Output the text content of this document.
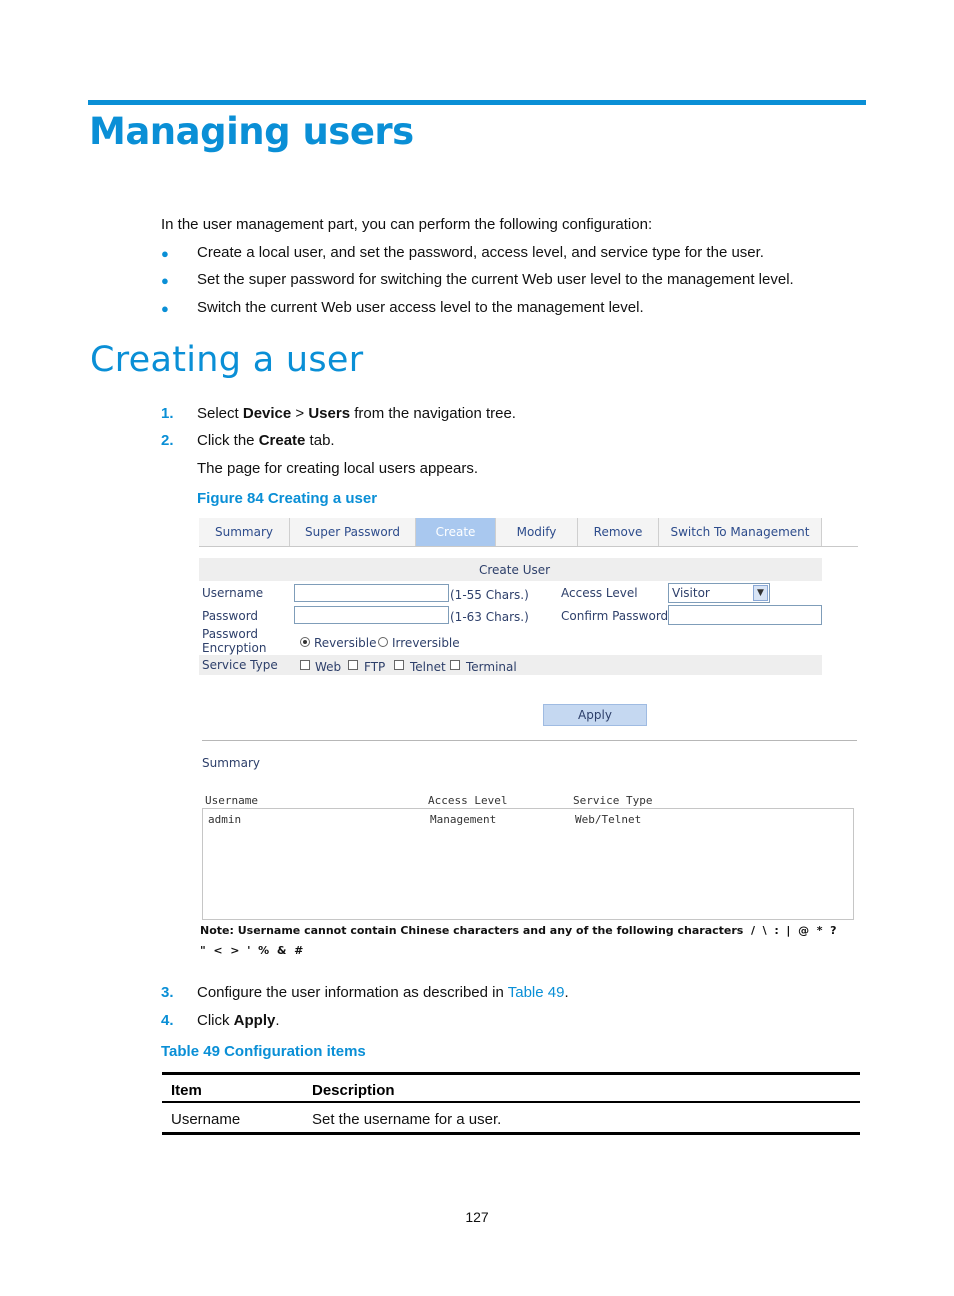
Managing users
In the user management part, you can perform the following configuration:
● Create a local user, and set the password, access level, and service type for the user.
● Set the super password for switching the current Web user level to the management level.
● Switch the current Web user access level to the management level.
Creating a user
1. Select Device > Users from the navigation tree.
2. Click the Create tab.
The page for creating local users appears.
Figure 84 Creating a user
Summary	Super Password	Create	Modify	Remove	Switch To Management
Create User
Username	(1-55 Chars.)	Access Level	Visitor	▼
Password	(1-63 Chars.)	Confirm Password
Password
Encryption	Reversible Irreversible
Service Type	Web FTP Telnet Terminal
Apply
Summary
Username	Access Level	Service Type
admin	Management	Web/Telnet
Note: Username cannot contain Chinese characters and any of the following characters  /  \  :  |  @  *  ?
"  <  >  '  %  &  #
3. Configure the user information as described in Table 49.
4. Click Apply.
Table 49 Configuration items
Item	Description
Username	Set the username for a user.
127
